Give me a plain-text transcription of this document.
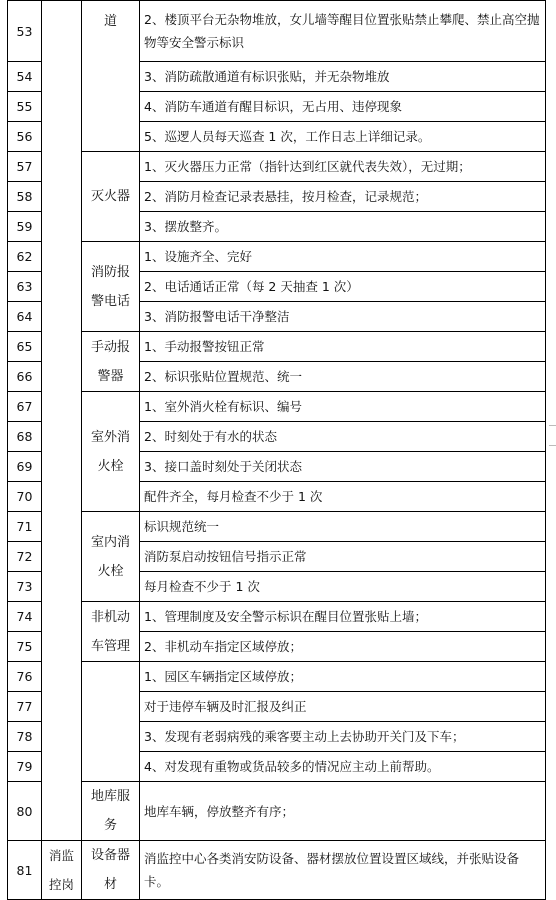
53		道	2、楼顶平台无杂物堆放，女儿墙等醒目位置张贴禁止攀爬、禁止高空抛物等安全警示标识
54			3、消防疏散通道有标识张贴，并无杂物堆放
55			4、消防车通道有醒目标识，无占用、违停现象
56			5、巡逻人员每天巡查 1 次，工作日志上详细记录。
57		灭火器	1、灭火器压力正常（指针达到红区就代表失效），无过期；
58			2、消防月检查记录表悬挂，按月检查，记录规范；
59			3、摆放整齐。
62		消防报警电话	1、设施齐全、完好
63			2、电话通话正常（每 2 天抽查 1 次）
64			3、消防报警电话干净整洁
65		手动报警器	1、手动报警按钮正常
66			2、标识张贴位置规范、统一
67		室外消火栓	1、室外消火栓有标识、编号
68			2、时刻处于有水的状态
69			3、接口盖时刻处于关闭状态
70			配件齐全，每月检查不少于 1 次
71		室内消火栓	标识规范统一
72			消防泵启动按钮信号指示正常
73			每月检查不少于 1 次
74		非机动车管理	1、管理制度及安全警示标识在醒目位置张贴上墙；
75			2、非机动车指定区域停放；
76			1、园区车辆指定区域停放；
77			对于违停车辆及时汇报及纠正
78			3、发现有老弱病残的乘客要主动上去协助开关门及下车；
79			4、对发现有重物或货品较多的情况应主动上前帮助。
80		地库服务	地库车辆，停放整齐有序；
81	消监控岗	设备器材	消监控中心各类消安防设备、器材摆放位置设置区域线，并张贴设备卡。
